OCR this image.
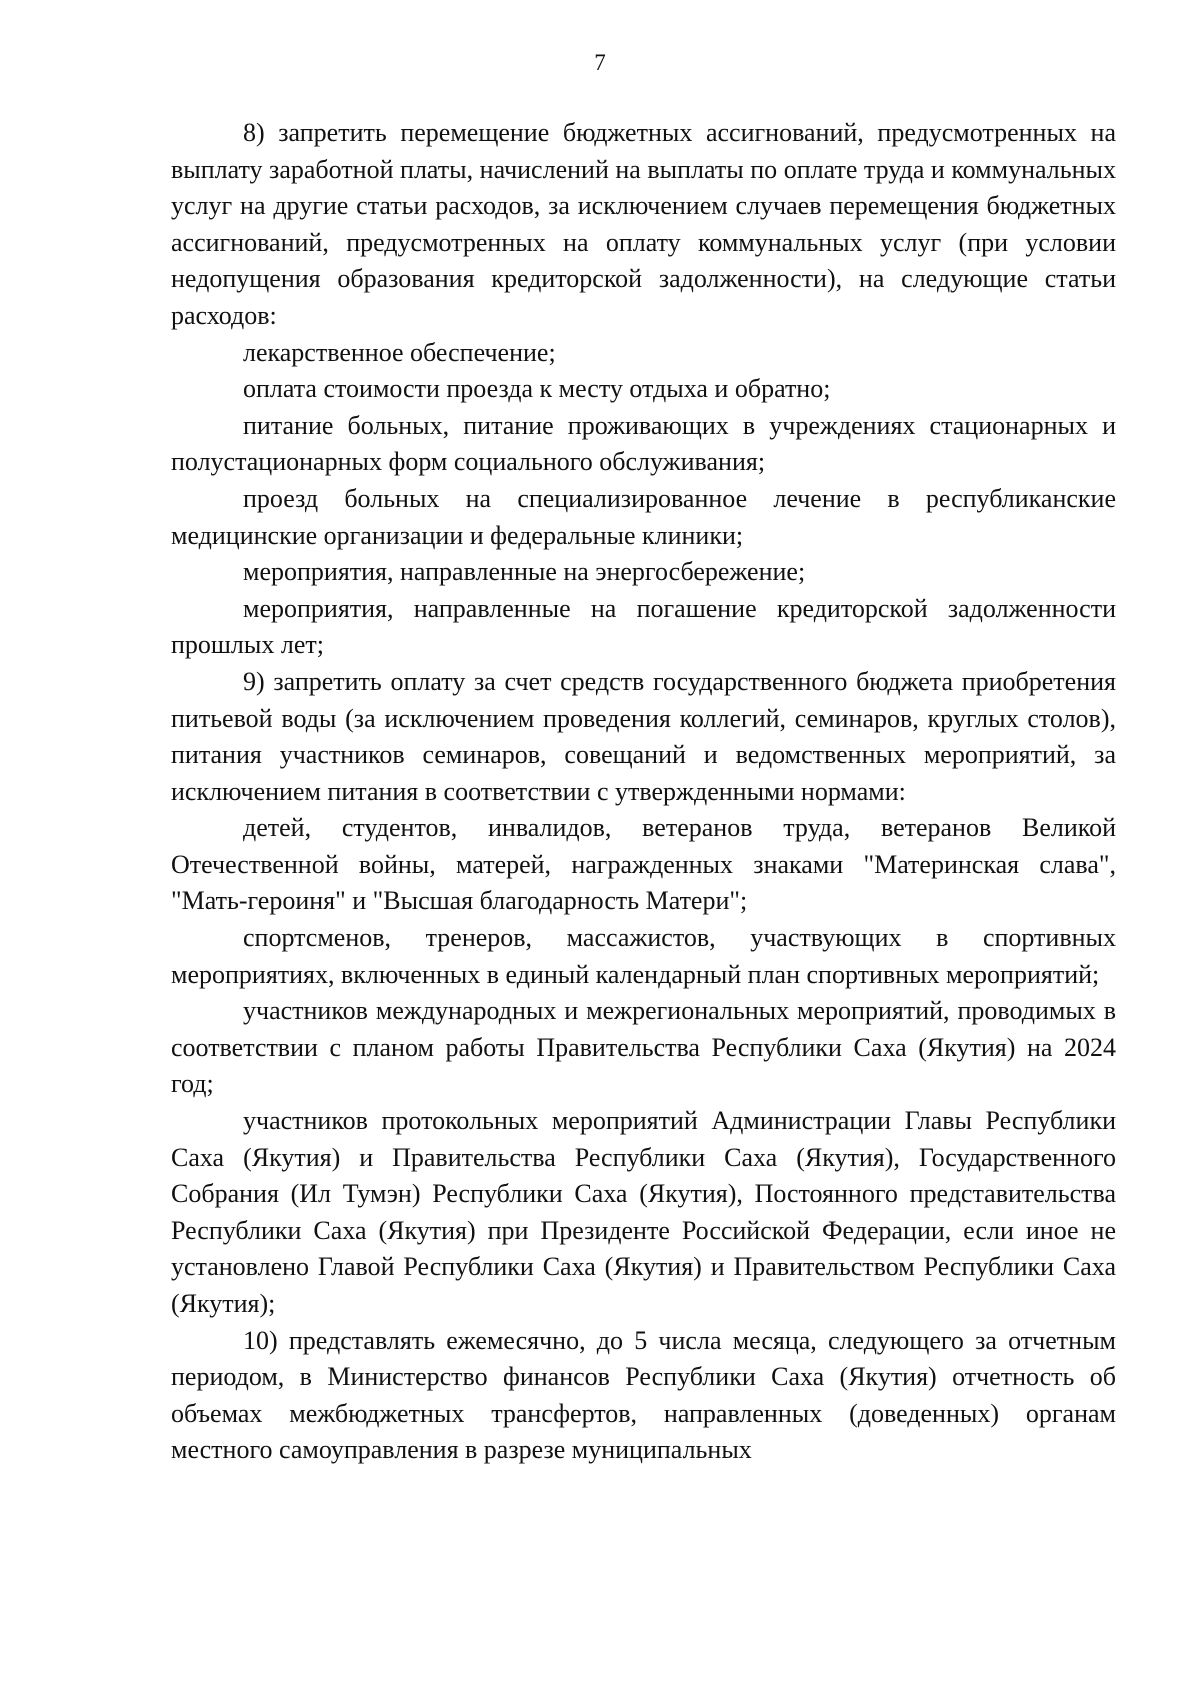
7

8) запретить перемещение бюджетных ассигнований, предусмотренных на выплату заработной платы, начислений на выплаты по оплате труда и коммунальных услуг на другие статьи расходов, за исключением случаев перемещения бюджетных ассигнований, предусмотренных на оплату коммунальных услуг (при условии недопущения образования кредиторской задолженности), на следующие статьи расходов:

лекарственное обеспечение;

оплата стоимости проезда к месту отдыха и обратно;

питание больных, питание проживающих в учреждениях стационарных и полустационарных форм социального обслуживания;

проезд больных на специализированное лечение в республиканские медицинские организации и федеральные клиники;

мероприятия, направленные на энергосбережение;

мероприятия, направленные на погашение кредиторской задолженности прошлых лет;

9) запретить оплату за счет средств государственного бюджета приобретения питьевой воды (за исключением проведения коллегий, семинаров, круглых столов), питания участников семинаров, совещаний и ведомственных мероприятий, за исключением питания в соответствии с утвержденными нормами:

детей, студентов, инвалидов, ветеранов труда, ветеранов Великой Отечественной войны, матерей, награжденных знаками "Материнская слава", "Мать-героиня" и "Высшая благодарность Матери";

спортсменов, тренеров, массажистов, участвующих в спортивных мероприятиях, включенных в единый календарный план спортивных мероприятий;

участников международных и межрегиональных мероприятий, проводимых в соответствии с планом работы Правительства Республики Саха (Якутия) на 2024 год;

участников протокольных мероприятий Администрации Главы Республики Саха (Якутия) и Правительства Республики Саха (Якутия), Государственного Собрания (Ил Тумэн) Республики Саха (Якутия), Постоянного представительства Республики Саха (Якутия) при Президенте Российской Федерации, если иное не установлено Главой Республики Саха (Якутия) и Правительством Республики Саха (Якутия);

10) представлять ежемесячно, до 5 числа месяца, следующего за отчетным периодом, в Министерство финансов Республики Саха (Якутия) отчетность об объемах межбюджетных трансфертов, направленных (доведенных) органам местного самоуправления в разрезе муниципальных
